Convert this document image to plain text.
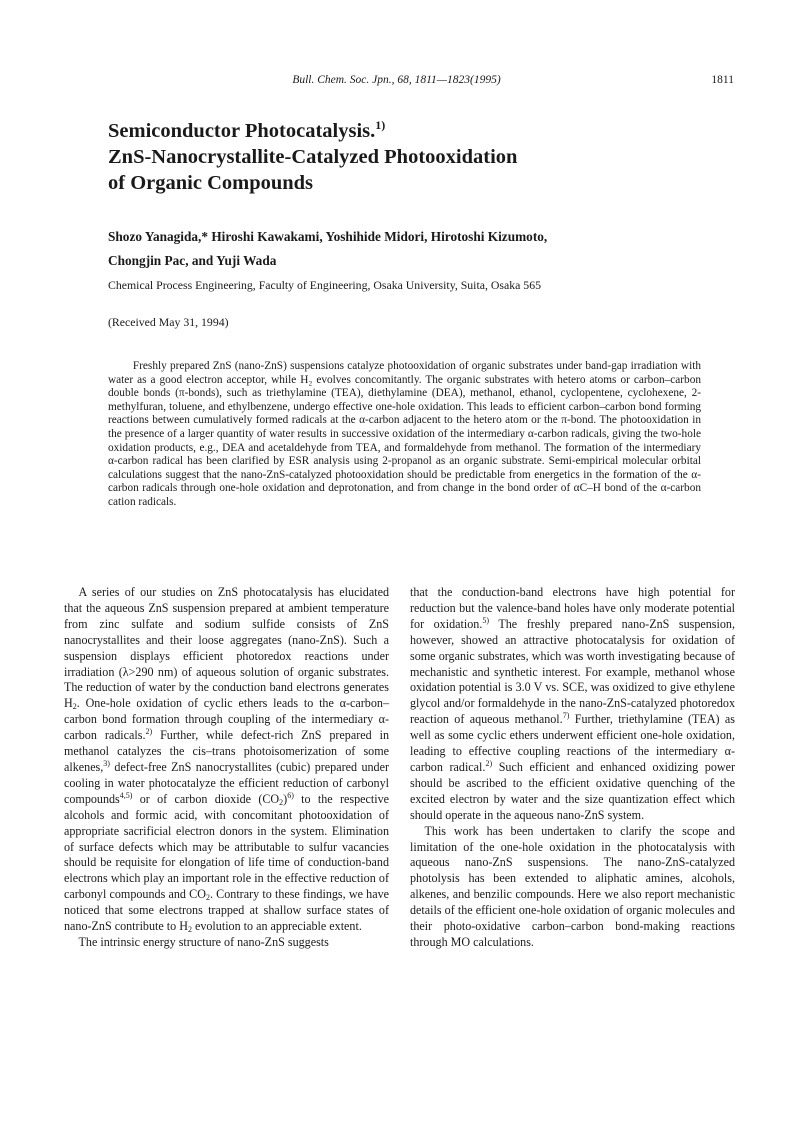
Bull. Chem. Soc. Jpn., 68, 1811—1823(1995)	1811
Semiconductor Photocatalysis.$^{1)}$
ZnS-Nanocrystallite-Catalyzed Photooxidation
of Organic Compounds
Shozo Yanagida,* Hiroshi Kawakami, Yoshihide Midori, Hirotoshi Kizumoto,
Chongjin Pac, and Yuji Wada
Chemical Process Engineering, Faculty of Engineering, Osaka University, Suita, Osaka 565
(Received May 31, 1994)

Freshly prepared ZnS (nano-ZnS) suspensions catalyze photooxidation of organic substrates under band-gap irradiation with water as a good electron acceptor, while H₂ evolves concomitantly. The organic substrates with hetero atoms or carbon–carbon double bonds (π-bonds), such as triethylamine (TEA), diethylamine (DEA), methanol, ethanol, cyclopentene, cyclohexene, 2-methylfuran, toluene, and ethylbenzene, undergo effective one-hole oxidation. This leads to efficient carbon–carbon bond forming reactions between cumulatively formed radicals at the α-carbon adjacent to the hetero atom or the π-bond. The photooxidation in the presence of a larger quantity of water results in successive oxidation of the intermediary α-carbon radicals, giving the two-hole oxidation products, e.g., DEA and acetaldehyde from TEA, and formaldehyde from methanol. The formation of the intermediary α-carbon radical has been clarified by ESR analysis using 2-propanol as an organic substrate. Semi-empirical molecular orbital calculations suggest that the nano-ZnS-catalyzed photooxidation should be predictable from energetics in the formation of the α-carbon radicals through one-hole oxidation and deprotonation, and from change in the bond order of αC–H bond of the α-carbon cation radicals.

A series of our studies on ZnS photocatalysis has elucidated that the aqueous ZnS suspension prepared at ambient temperature from zinc sulfate and sodium sulfide consists of ZnS nanocrystallites and their loose aggregates (nano-ZnS). Such a suspension displays efficient photoredox reactions under irradiation (λ>290 nm) of aqueous solution of organic substrates. The reduction of water by the conduction band electrons generates $H_2$. One-hole oxidation of cyclic ethers leads to the α-carbon–carbon bond formation through coupling of the intermediary α-carbon radicals.$^{2)}$ Further, while defect-rich ZnS prepared in methanol catalyzes the cis–trans photoisomerization of some alkenes,$^{3)}$ defect-free ZnS nanocrystallites (cubic) prepared under cooling in water photocatalyze the efficient reduction of carbonyl compounds$^{4,5)}$ or of carbon dioxide $(CO_2)^{6)}$ to the respective alcohols and formic acid, with concomitant photooxidation of appropriate sacrificial electron donors in the system. Elimination of surface defects which may be attributable to sulfur vacancies should be requisite for elongation of life time of conduction-band electrons which play an important role in the effective reduction of carbonyl compounds and $CO_2$. Contrary to these findings, we have noticed that some electrons trapped at shallow surface states of nano-ZnS contribute to $H_2$ evolution to an appreciable extent.

The intrinsic energy structure of nano-ZnS suggests

that the conduction-band electrons have high potential for reduction but the valence-band holes have only moderate potential for oxidation.$^{5)}$ The freshly prepared nano-ZnS suspension, however, showed an attractive photocatalysis for oxidation of some organic substrates, which was worth investigating because of mechanistic and synthetic interest. For example, methanol whose oxidation potential is 3.0 V vs. SCE, was oxidized to give ethylene glycol and/or formaldehyde in the nano-ZnS-catalyzed photoredox reaction of aqueous methanol.$^{7)}$ Further, triethylamine (TEA) as well as some cyclic ethers underwent efficient one-hole oxidation, leading to effective coupling reactions of the intermediary α-carbon radical.$^{2)}$ Such efficient and enhanced oxidizing power should be ascribed to the efficient oxidative quenching of the excited electron by water and the size quantization effect which should operate in the aqueous nano-ZnS system.

This work has been undertaken to clarify the scope and limitation of the one-hole oxidation in the photocatalysis with aqueous nano-ZnS suspensions. The nano-ZnS-catalyzed photolysis has been extended to aliphatic amines, alcohols, alkenes, and benzilic compounds. Here we also report mechanistic details of the efficient one-hole oxidation of organic molecules and their photo-oxidative carbon–carbon bond-making reactions through MO calculations.
